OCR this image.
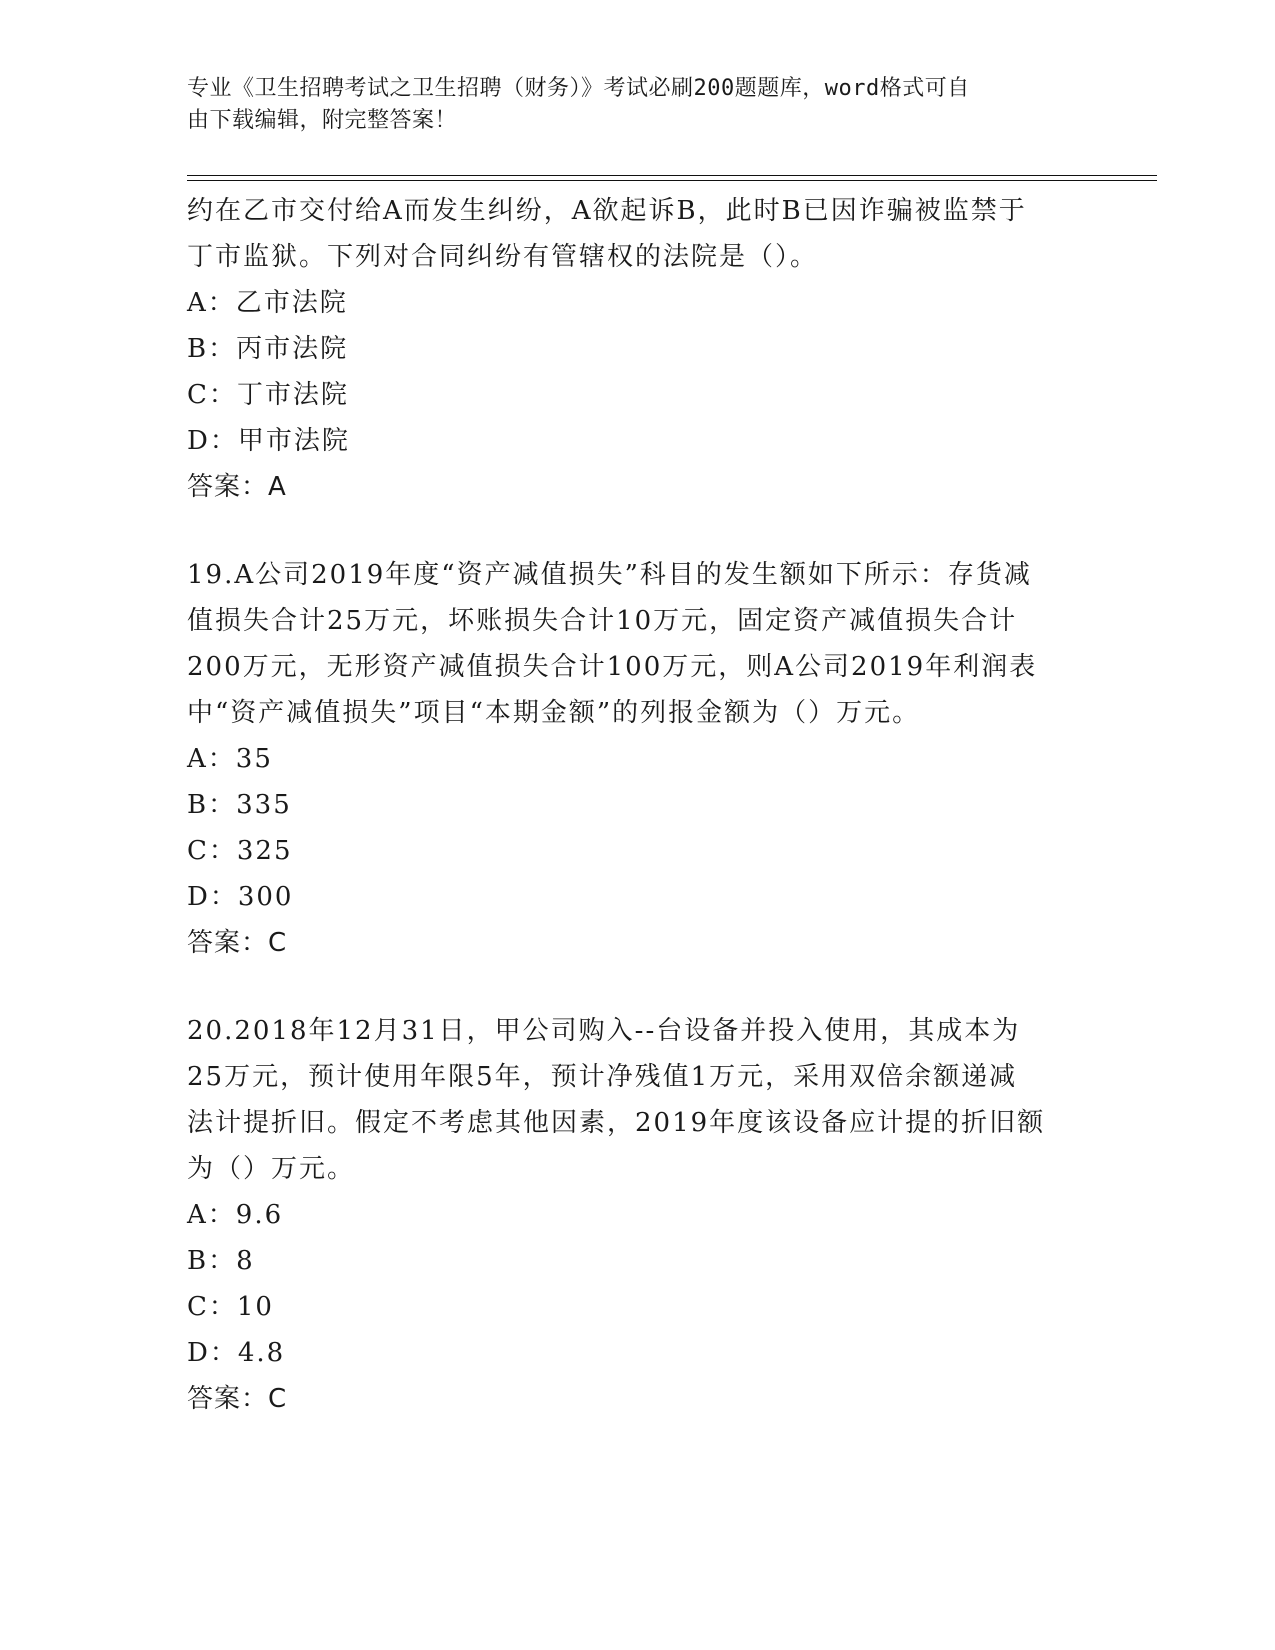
专业《卫生招聘考试之卫生招聘（财务）》考试必刷200题题库，word格式可自
由下载编辑，附完整答案！
约在乙市交付给A而发生纠纷，A欲起诉B，此时B已因诈骗被监禁于
丁市监狱。下列对合同纠纷有管辖权的法院是（）。
A：乙市法院
B：丙市法院
C：丁市法院
D：甲市法院
答案：A
19.A公司2019年度“资产减值损失”科目的发生额如下所示：存货减
值损失合计25万元，坏账损失合计10万元，固定资产减值损失合计
200万元，无形资产减值损失合计100万元，则A公司2019年利润表
中“资产减值损失”项目“本期金额”的列报金额为（）万元。
A：35
B：335
C：325
D：300
答案：C
20.2018年12月31日，甲公司购入--台设备并投入使用，其成本为
25万元，预计使用年限5年，预计净残值1万元，采用双倍余额递减
法计提折旧。假定不考虑其他因素，2019年度该设备应计提的折旧额
为（）万元。
A：9.6
B：8
C：10
D：4.8
答案：C
